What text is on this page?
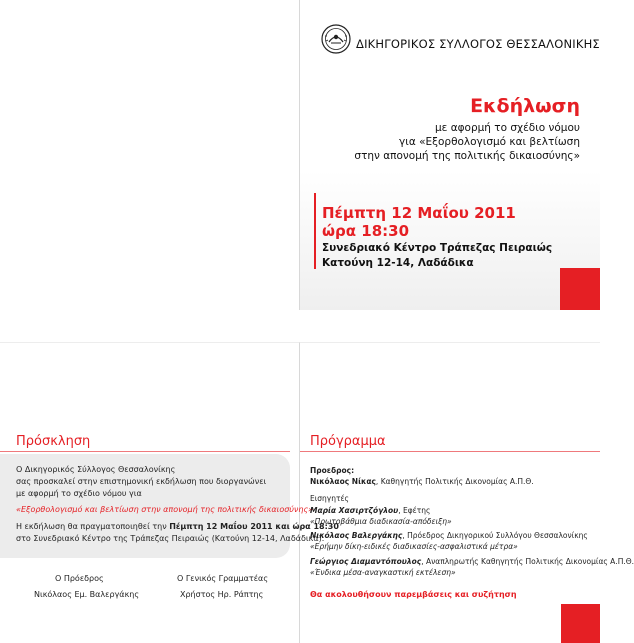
ΔΙΚΗΓΟΡΙΚΟΣ ΣΥΛΛΟΓΟΣ ΘΕΣΣΑΛΟΝΙΚΗΣ
Εκδήλωση
με αφορμή το σχέδιο νόμου
για «Εξορθολογισμό και βελτίωση
στην απονομή της πολιτικής δικαιοσύνης»
Πέμπτη 12 Μαΐου 2011
ώρα 18:30
Συνεδριακό Κέντρο Τράπεζας Πειραιώς
Κατούνη 12-14, Λαδάδικα
Πρόσκληση
Ο Δικηγορικός Σύλλογος Θεσσαλονίκης
σας προσκαλεί στην επιστημονική εκδήλωση που διοργανώνει
με αφορμή το σχέδιο νόμου για
«Εξορθολογισμό και βελτίωση στην απονομή της πολιτικής δικαιοσύνης»
Η εκδήλωση θα πραγματοποιηθεί την Πέμπτη 12 Μαΐου 2011 και ώρα 18:30
στο Συνεδριακό Κέντρο της Τράπεζας Πειραιώς (Κατούνη 12-14, Λαδάδικα).
Ο Πρόεδρος
Νικόλαος Εμ. Βαλεργάκης
Ο Γενικός Γραμματέας
Χρήστος Ηρ. Ράπτης
Πρόγραμμα
Προεδρος:
Νικόλαος Νίκας, Καθηγητής Πολιτικής Δικονομίας Α.Π.Θ.
Εισηγητές
Μαρία Χασιρτζόγλου, Εφέτης
«Πρωτοβάθμια διαδικασία-απόδειξη»
Νικόλαος Βαλεργάκης, Πρόεδρος Δικηγορικού Συλλόγου Θεσσαλονίκης
«Ερήμην δίκη-ειδικές διαδικασίες-ασφαλιστικά μέτρα»
Γεώργιος Διαμαντόπουλος, Αναπληρωτής Καθηγητής Πολιτικής Δικονομίας Α.Π.Θ.
«Ένδικα μέσα-αναγκαστική εκτέλεση»
Θα ακολουθήσουν παρεμβάσεις και συζήτηση
